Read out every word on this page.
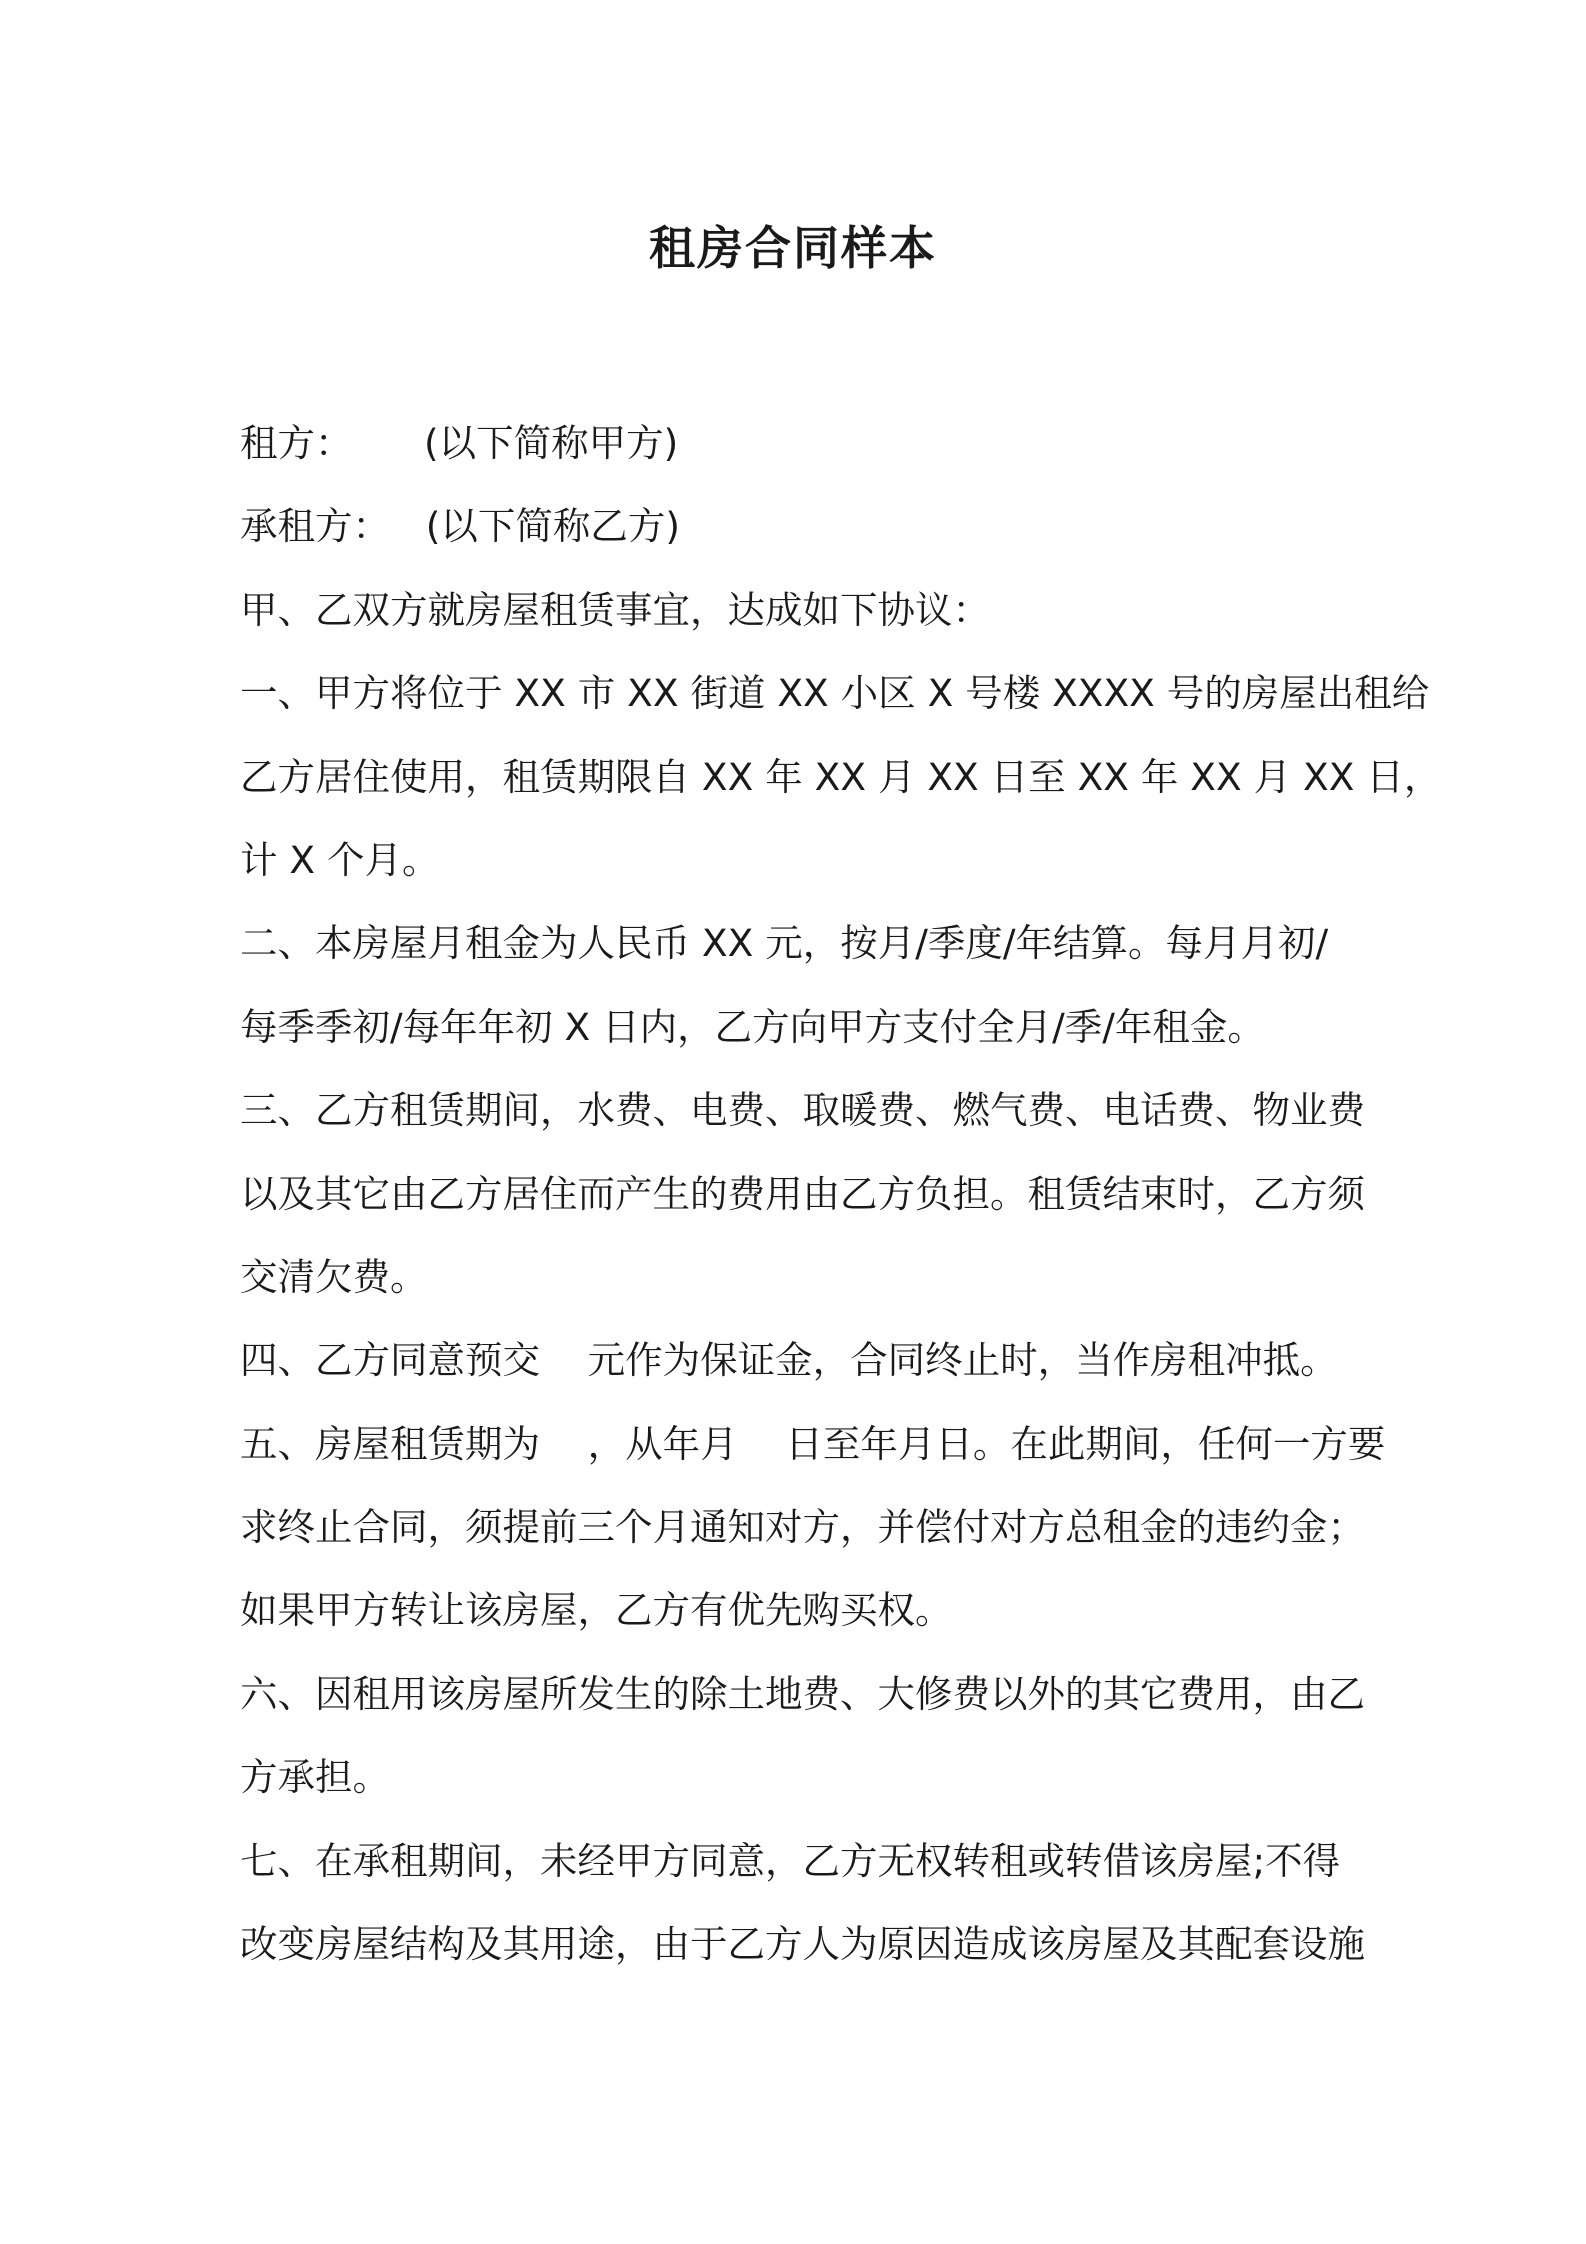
租房合同样本
租方：      (以下简称甲方)
承租方：   (以下简称乙方)
甲、乙双方就房屋租赁事宜，达成如下协议：
一、甲方将位于 XX 市 XX 街道 XX 小区 X 号楼 XXXX 号的房屋出租给
乙方居住使用，租赁期限自 XX 年 XX 月 XX 日至 XX 年 XX 月 XX 日，
计 X 个月。
二、本房屋月租金为人民币 XX 元，按月/季度/年结算。每月月初/
每季季初/每年年初 X 日内，乙方向甲方支付全月/季/年租金。
三、乙方租赁期间，水费、电费、取暖费、燃气费、电话费、物业费
以及其它由乙方居住而产生的费用由乙方负担。租赁结束时，乙方须
交清欠费。
四、乙方同意预交    元作为保证金，合同终止时，当作房租冲抵。
五、房屋租赁期为    ，从年月    日至年月日。在此期间，任何一方要
求终止合同，须提前三个月通知对方，并偿付对方总租金的违约金；
如果甲方转让该房屋，乙方有优先购买权。
六、因租用该房屋所发生的除土地费、大修费以外的其它费用，由乙
方承担。
七、在承租期间，未经甲方同意，乙方无权转租或转借该房屋;不得
改变房屋结构及其用途，由于乙方人为原因造成该房屋及其配套设施
